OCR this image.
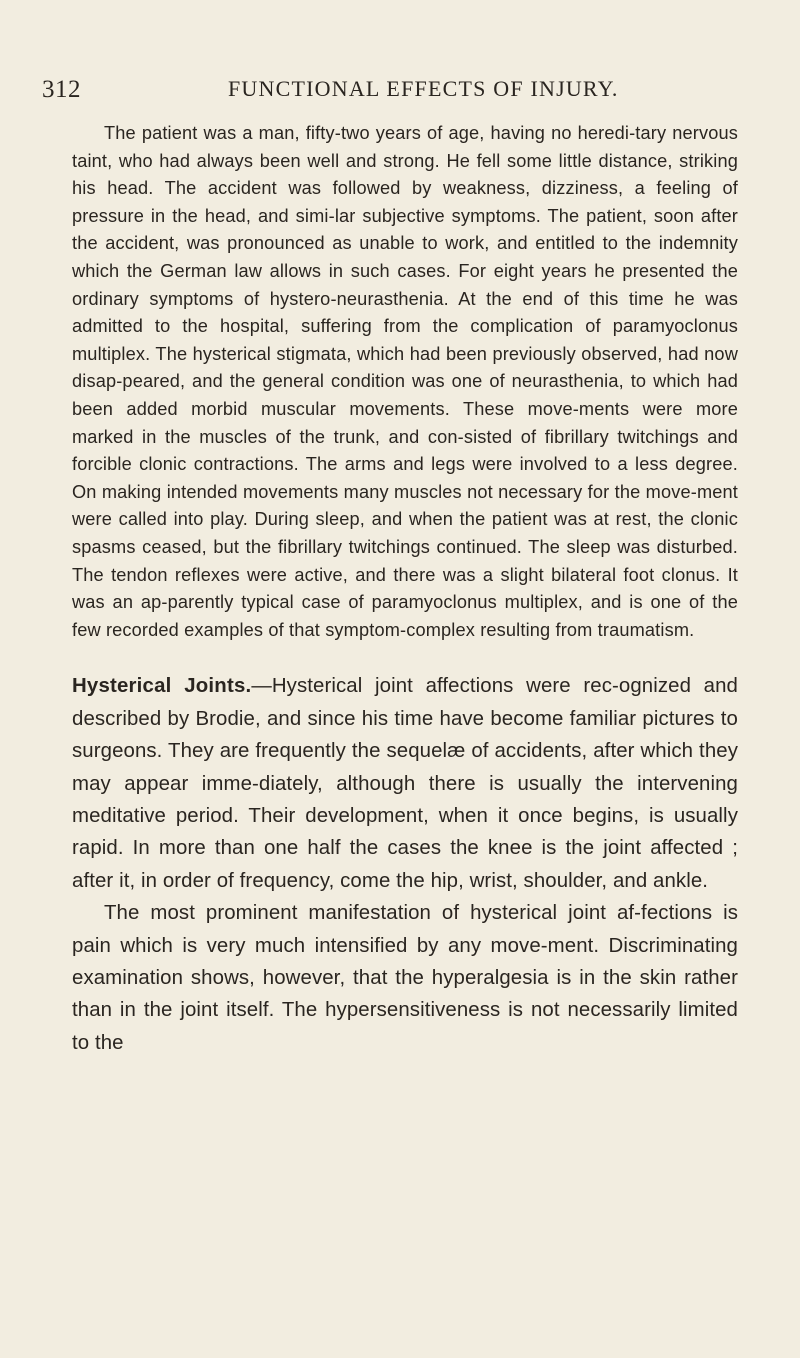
312	FUNCTIONAL EFFECTS OF INJURY.

The patient was a man, fifty-two years of age, having no heredi-tary nervous taint, who had always been well and strong. He fell some little distance, striking his head. The accident was followed by weakness, dizziness, a feeling of pressure in the head, and simi-lar subjective symptoms. The patient, soon after the accident, was pronounced as unable to work, and entitled to the indemnity which the German law allows in such cases. For eight years he presented the ordinary symptoms of hystero-neurasthenia. At the end of this time he was admitted to the hospital, suffering from the complication of paramyoclonus multiplex. The hysterical stigmata, which had been previously observed, had now disap-peared, and the general condition was one of neurasthenia, to which had been added morbid muscular movements. These move-ments were more marked in the muscles of the trunk, and con-sisted of fibrillary twitchings and forcible clonic contractions. The arms and legs were involved to a less degree. On making intended movements many muscles not necessary for the move-ment were called into play. During sleep, and when the patient was at rest, the clonic spasms ceased, but the fibrillary twitchings continued. The sleep was disturbed. The tendon reflexes were active, and there was a slight bilateral foot clonus. It was an ap-parently typical case of paramyoclonus multiplex, and is one of the few recorded examples of that symptom-complex resulting from traumatism.

Hysterical Joints.—Hysterical joint affections were rec-ognized and described by Brodie, and since his time have become familiar pictures to surgeons. They are frequently the sequelæ of accidents, after which they may appear imme-diately, although there is usually the intervening meditative period. Their development, when it once begins, is usually rapid. In more than one half the cases the knee is the joint affected ; after it, in order of frequency, come the hip, wrist, shoulder, and ankle.

The most prominent manifestation of hysterical joint af-fections is pain which is very much intensified by any move-ment. Discriminating examination shows, however, that the hyperalgesia is in the skin rather than in the joint itself. The hypersensitiveness is not necessarily limited to the
